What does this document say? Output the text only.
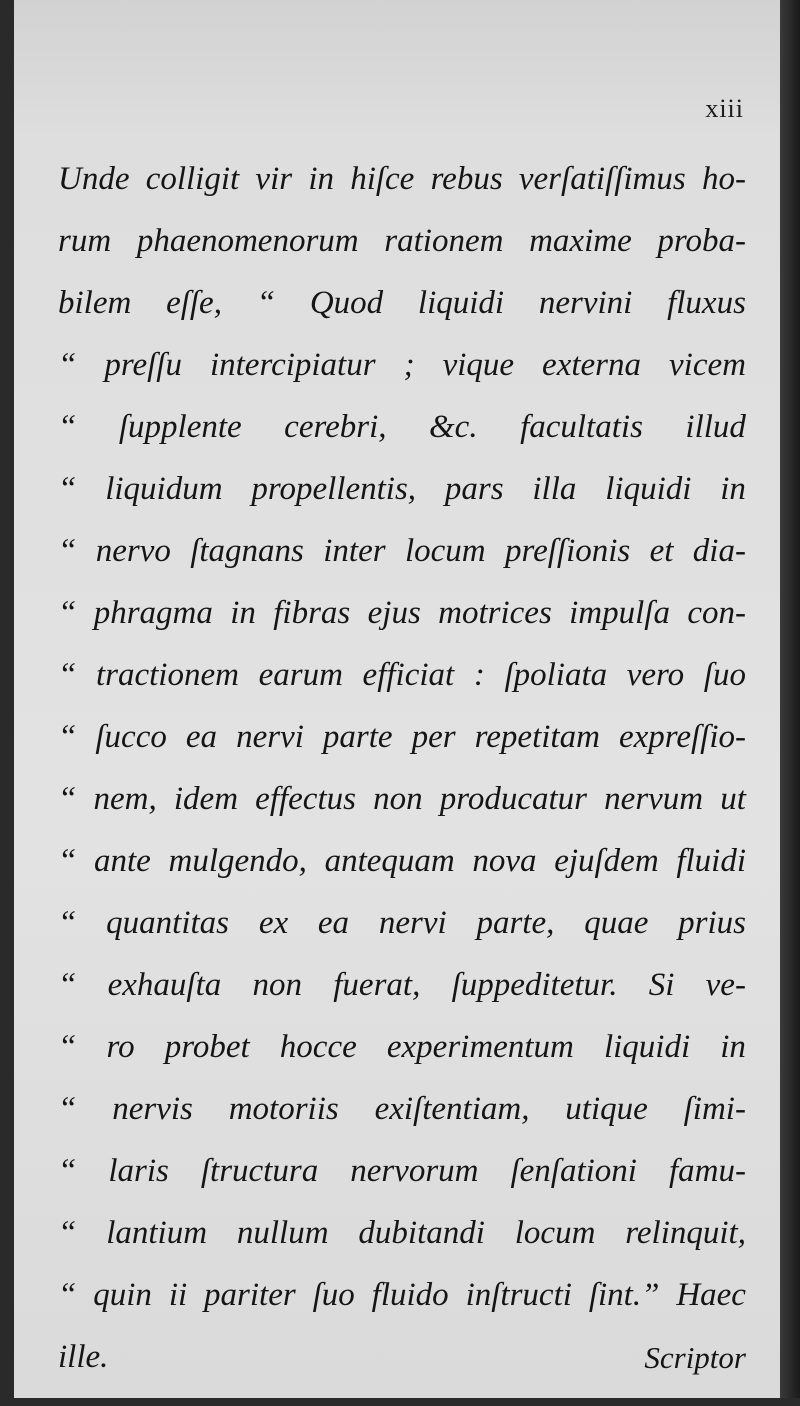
xiii
Unde colligit vir in hiſce rebus verſatiſſimus ho-
rum phaenomenorum rationem maxime proba-
bilem eſſe, “ Quod liquidi nervini fluxus
“ preſſu intercipiatur ; vique externa vicem
“ ſupplente cerebri, &c. facultatis illud
“ liquidum propellentis, pars illa liquidi in
“ nervo ſtagnans inter locum preſſionis et dia-
“ phragma in fibras ejus motrices impulſa con-
“ tractionem earum efficiat : ſpoliata vero ſuo
“ ſucco ea nervi parte per repetitam expreſſio-
“ nem, idem effectus non producatur nervum ut
“ ante mulgendo, antequam nova ejuſdem fluidi
“ quantitas ex ea nervi parte, quae prius
“ exhauſta non fuerat, ſuppeditetur. Si ve-
“ ro probet hocce experimentum liquidi in
“ nervis motoriis exiſtentiam, utique ſimi-
“ laris ſtructura nervorum ſenſationi famu-
“ lantium nullum dubitandi locum relinquit,
“ quin ii pariter ſuo fluido inſtructi ſint.” Haec
ille.	Scriptor
